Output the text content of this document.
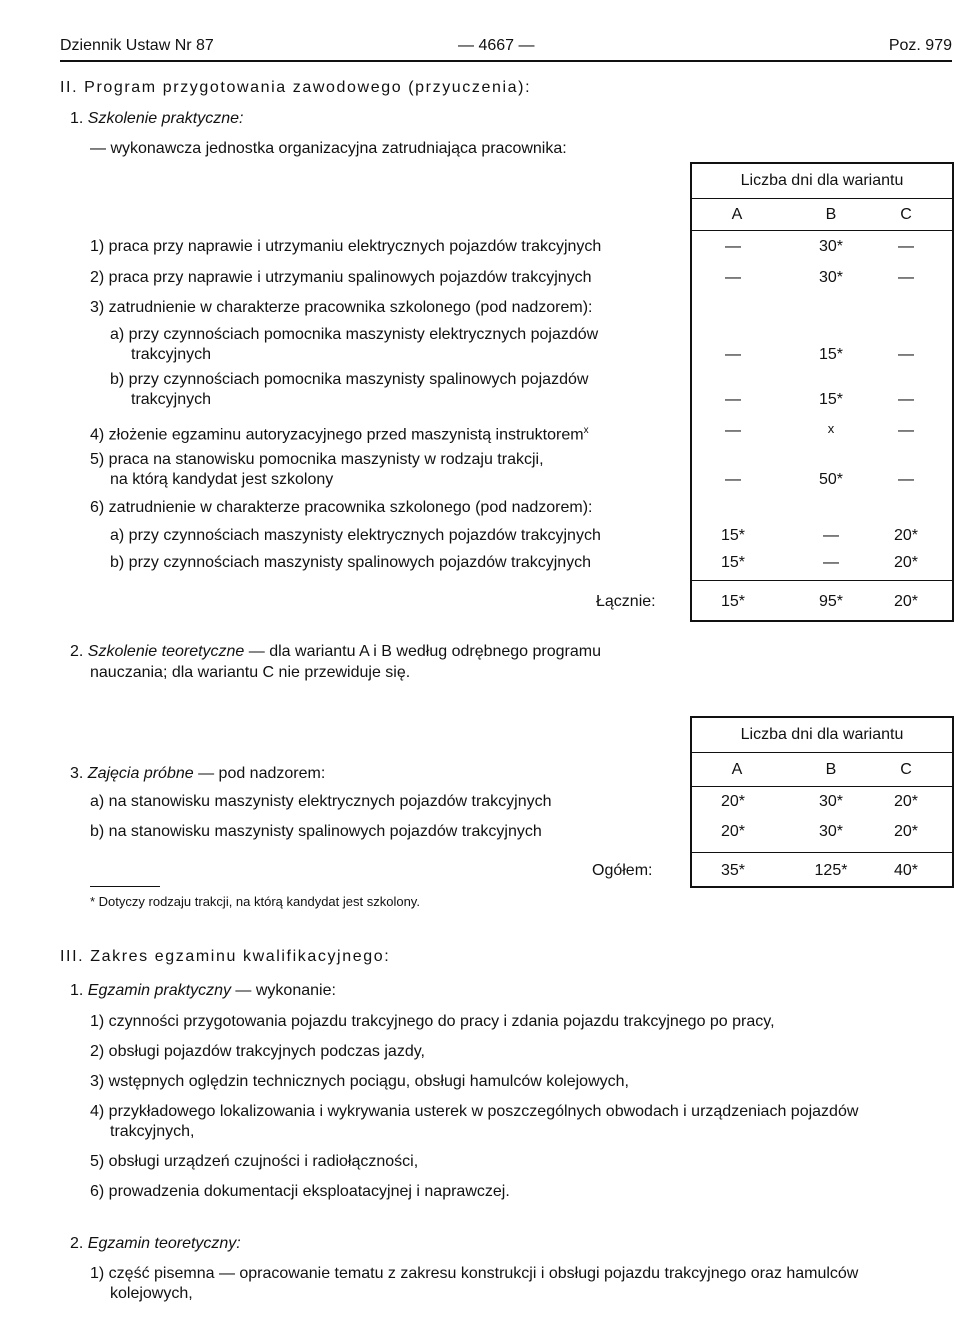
Dziennik Ustaw Nr 87	— 4667 —	Poz. 979
II. Program przygotowania zawodowego (przyuczenia):
1. Szkolenie praktyczne:
— wykonawcza jednostka organizacyjna zatrudniająca pracownika:
Liczba dni dla wariantu
A	B	C
1) praca przy naprawie i utrzymaniu elektrycznych pojazdów trakcyjnych	—	30*	—
2) praca przy naprawie i utrzymaniu spalinowych pojazdów trakcyjnych	—	30*	—
3) zatrudnienie w charakterze pracownika szkolonego (pod nadzorem):
a) przy czynnościach pomocnika maszynisty elektrycznych pojazdów
trakcyjnych	—	15*	—
b) przy czynnościach pomocnika maszynisty spalinowych pojazdów
trakcyjnych	—	15*	—
4) złożenie egzaminu autoryzacyjnego przed maszynistą instruktorem$^x$	—	x	—
5) praca na stanowisku pomocnika maszynisty w rodzaju trakcji,
na którą kandydat jest szkolony	—	50*	—
6) zatrudnienie w charakterze pracownika szkolonego (pod nadzorem):
a) przy czynnościach maszynisty elektrycznych pojazdów trakcyjnych	15*	—	20*
b) przy czynnościach maszynisty spalinowych pojazdów trakcyjnych	15*	—	20*
Łącznie:	15*	95*	20*
2. Szkolenie teoretyczne — dla wariantu A i B według odrębnego programu
nauczania; dla wariantu C nie przewiduje się.
Liczba dni dla wariantu
A	B	C
3. Zajęcia próbne — pod nadzorem:
a) na stanowisku maszynisty elektrycznych pojazdów trakcyjnych	20*	30*	20*
b) na stanowisku maszynisty spalinowych pojazdów trakcyjnych	20*	30*	20*
Ogółem:	35*	125*	40*
* Dotyczy rodzaju trakcji, na którą kandydat jest szkolony.
III. Zakres egzaminu kwalifikacyjnego:
1. Egzamin praktyczny — wykonanie:
1) czynności przygotowania pojazdu trakcyjnego do pracy i zdania pojazdu trakcyjnego po pracy,
2) obsługi pojazdów trakcyjnych podczas jazdy,
3) wstępnych oględzin technicznych pociągu, obsługi hamulców kolejowych,
4) przykładowego lokalizowania i wykrywania usterek w poszczególnych obwodach i urządzeniach pojazdów
trakcyjnych,
5) obsługi urządzeń czujności i radiołączności,
6) prowadzenia dokumentacji eksploatacyjnej i naprawczej.
2. Egzamin teoretyczny:
1) część pisemna — opracowanie tematu z zakresu konstrukcji i obsługi pojazdu trakcyjnego oraz hamulców
kolejowych,
